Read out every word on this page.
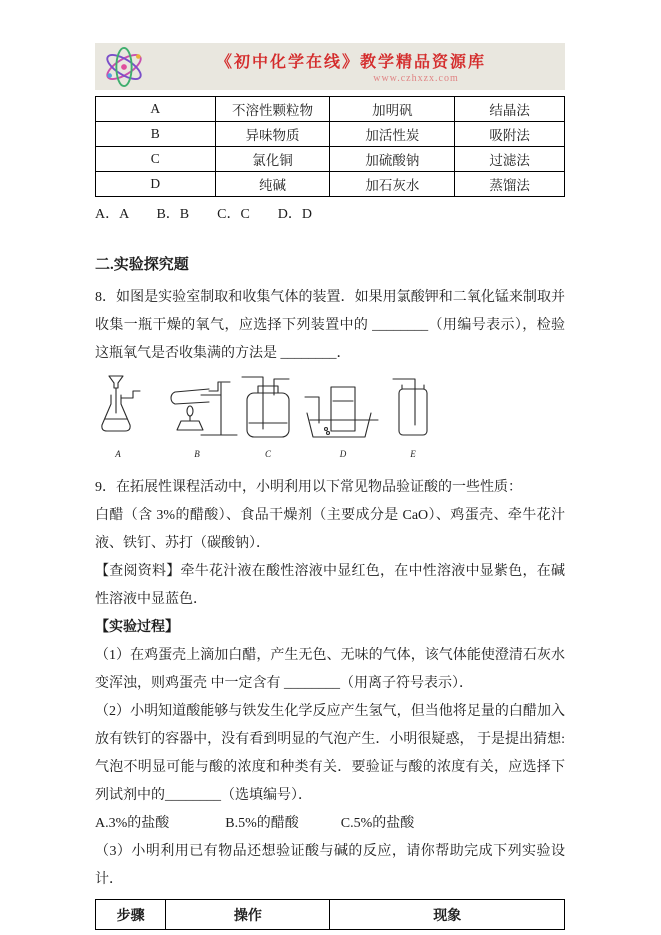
《初中化学在线》教学精品资源库
www.czhxzx.com
A	不溶性颗粒物	加明矾	结晶法
B	异味物质	加活性炭	吸附法
C	氯化铜	加硫酸钠	过滤法
D	纯碱	加石灰水	蒸馏法

A．A　　B．B　　C．C　　D．D

二.实验探究题

8．如图是实验室制取和收集气体的装置．如果用氯酸钾和二氧化锰来制取并收集一瓶干燥的氧气，应选择下列装置中的 ________（用编号表示），检验这瓶氧气是否收集满的方法是 ________．

A	B	C	D	E

9．在拓展性课程活动中，小明利用以下常见物品验证酸的一些性质：

白醋（含 3%的醋酸）、食品干燥剂（主要成分是 CaO）、鸡蛋壳、牵牛花汁液、铁钉、苏打（碳酸钠）．

【查阅资料】牵牛花汁液在酸性溶液中显红色，在中性溶液中显紫色，在碱性溶液中显蓝色．

【实验过程】

（1）在鸡蛋壳上滴加白醋，产生无色、无味的气体，该气体能使澄清石灰水变浑浊，则鸡蛋壳 中一定含有 ________（用离子符号表示）．

（2）小明知道酸能够与铁发生化学反应产生氢气，但当他将足量的白醋加入放有铁钉的容器中，没有看到明显的气泡产生．小明很疑惑， 于是提出猜想: 气泡不明显可能与酸的浓度和种类有关．要验证与酸的浓度有关，应选择下列试剂中的________（选填编号）．

A.3%的盐酸　　　　B.5%的醋酸　　　C.5%的盐酸

（3）小明利用已有物品还想验证酸与碱的反应，请你帮助完成下列实验设计．

步骤	操作	现象
